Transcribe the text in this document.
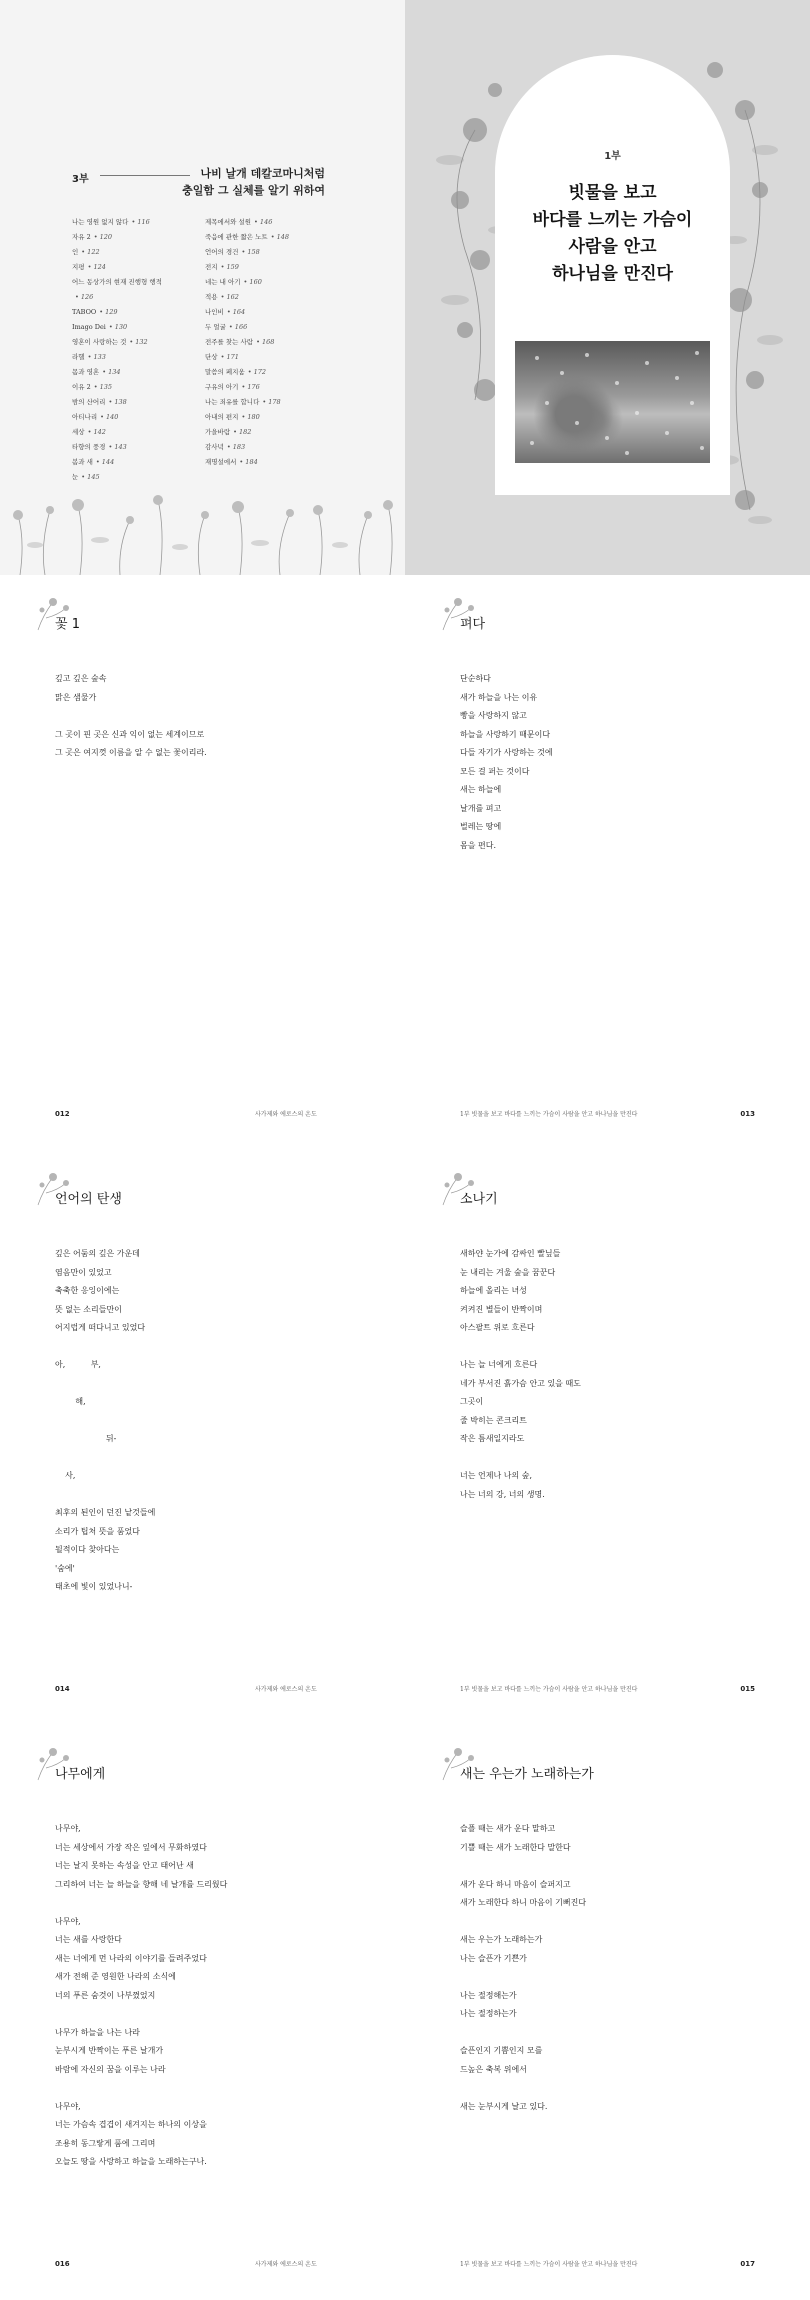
3부	나비 날개 데칼코마니처럼
충일함 그 실체를 알기 위하여
나는 영원 없지 않다 • 116
자유 2 • 120
인 • 122
지평 • 124
어느 동상가의 현재 진행형 행적
• 126
TABOO • 129
Imago Dei • 130
영혼이 사랑하는 것 • 132
라헬 • 133
몸과 영혼 • 134
이유 2 • 135
밤의 산어리 • 138
아티나리 • 140
세상 • 142
타향의 풍경 • 143
봄과 새 • 144
눈 • 145
제목에서와 설원 • 146
죽음에 관한 짧은 노트 • 148
언어의 경건 • 158
전지 • 159
네는 내 아기 • 160
적용 • 162
나인비 • 164
두 얼굴 • 166
전주를 찾는 사람 • 168
단상 • 171
말씀의 페지움 • 172
구유의 아기 • 176
나는 죄유를 합니다 • 178
아내의 편지 • 180
가을바람 • 182
감사녁 • 183
재명설에서 • 184
1부
빗물을 보고
바다를 느끼는 가슴이
사람을 안고
하나님을 만진다
꽃 1
깊고 깊은 숲속
맑은 샘물가
그 곳이 핀 곳은 신과 익이 없는 세계이므로
그 곳은 여지껏 이름을 알 수 없는 꽃이리라.
012	사가제와 에로스의 온도
펴다
단순하다
새가 하늘을 나는 이유
빵을 사랑하지 않고
하늘을 사랑하기 때문이다
다들 자기가 사랑하는 것에
모든 걸 퍼는 것이다
새는 하늘에
날개를 펴고
벌레는 땅에
몸을 편다.
013
1부 빗물을 보고 바다를 느끼는 가슴이 사람을 안고 하나님을 만진다
언어의 탄생
깊은 어둠의 깊은 가운데
염음만이 있었고
축축한 응잉이에는
뜻 없는 소리들만이
어지럽게 떠다니고 있었다
아,          부,
해,
뒤-
사,
최후의 된인이 던진 낱것들에
소리가 팁처 뜻을 품었다
될적이다 찾아다는
'숨에'
태초에 빛이 있었나니-
014	사가제와 에로스의 온도
소나기
새하얀 눈가에 감싸인 빨닢들
눈 내리는 겨울 숲을 꿈꾼다
하늘에 올리는 녀성
켜켜진 별들이 반짝이며
아스팔트 위로 흐른다
나는 늘 너에게 흐른다
네가 부서진 흙가슴 안고 있을 때도
그곳이
줄 박히는 콘크리트
작은 틈새일지라도
너는 언제나 나의 숲,
나는 너의 강, 너의 생명.
015
1부 빗물을 보고 바다를 느끼는 가슴이 사람을 안고 하나님을 만진다
나무에게
나무야,
너는 세상에서 가장 작은 잎에서 무화하였다
너는 날지 못하는 속성을 안고 태어난 새
그리하여 너는 늘 하늘을 향해 네 날개를 드리웠다
나무야,
너는 새를 사랑한다
새는 너에게 먼 나라의 이야기를 들려주었다
새가 전해 준 영원한 나라의 소식에
너의 푸른 숨것이 나부꼈었지
나무가 하늘을 나는 나라
눈부시게 반짝이는 푸른 날개가
바람에 자신의 꿈을 이루는 나라
나무야,
너는 가슴속 겹겹이 새겨지는 하나의 이상을
조용히 동그랗게 품에 그리며
오늘도 땅을 사랑하고 하늘을 노래하는구나.
016	사가제와 에로스의 온도
새는 우는가 노래하는가
슬플 때는 새가 운다 말하고
기쁠 때는 새가 노래한다 말한다
새가 운다 하니 마음이 슬퍼지고
새가 노래한다 하니 마음이 기뻐진다
새는 우는가 노래하는가
나는 슬픈가 기쁜가
나는 절정해는가
나는 절정하는가
슬픈인지 기쁨인지 모를
드높은 축복 위에서
새는 눈부시게 날고 있다.
017
1부 빗물을 보고 바다를 느끼는 가슴이 사람을 안고 하나님을 만진다
